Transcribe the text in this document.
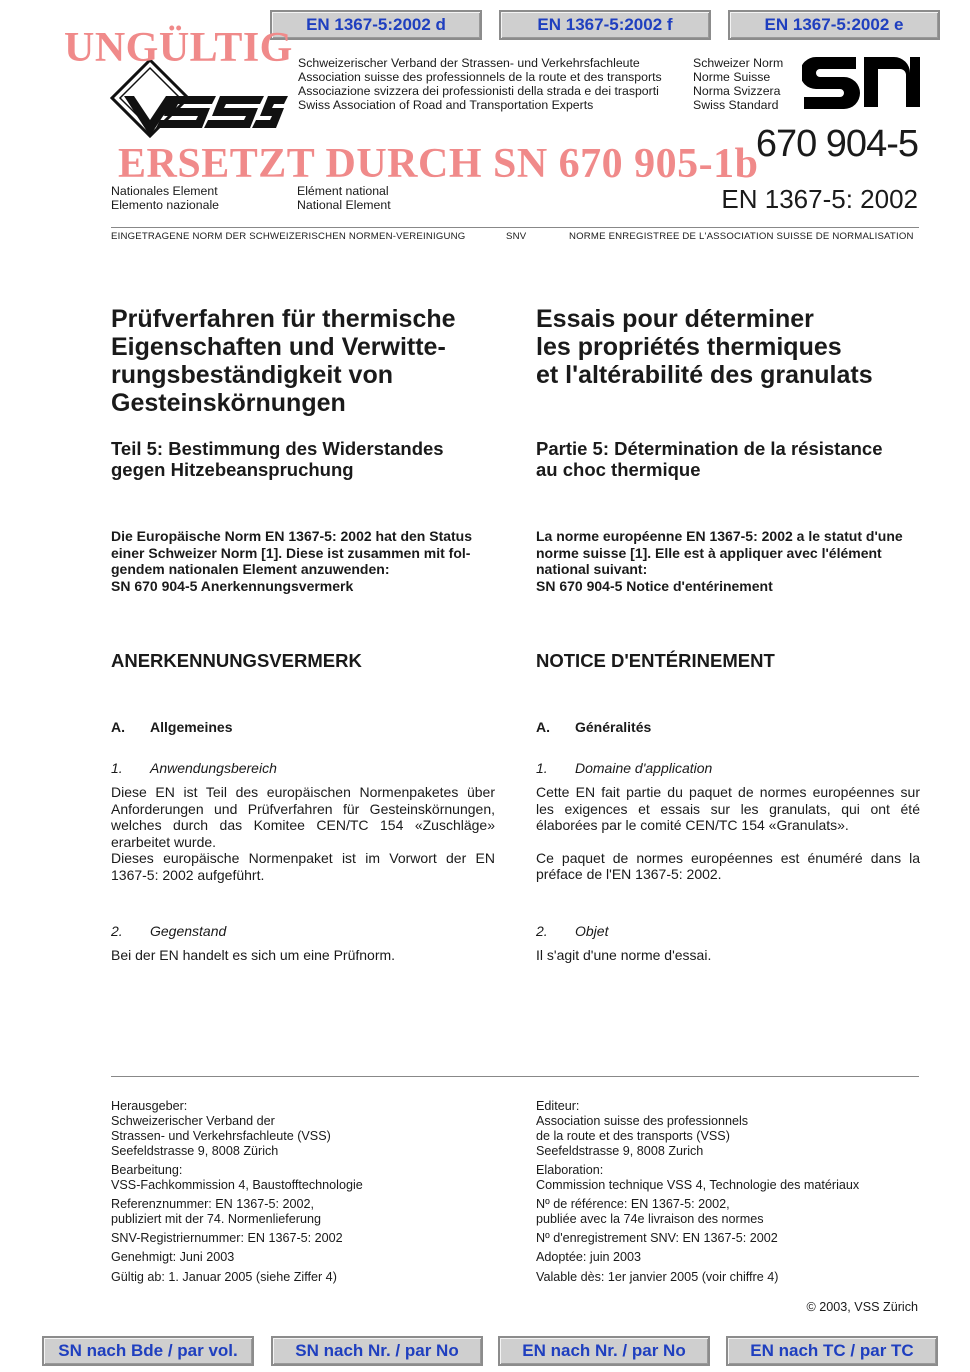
EN 1367-5:2002 d	EN 1367-5:2002 f	EN 1367-5:2002 e

Schweizerischer Verband der Strassen- und Verkehrsfachleute

Association suisse des professionnels de la route et des transports

Associazione svizzera dei professionisti della strada e dei trasporti

Swiss Association of Road and Transportation Experts

Schweizer Norm

Norme Suisse

Norma Svizzera

Swiss Standard

UNGÜLTIG
670 904-5
ERSETZT DURCH SN 670 905-1b
EN 1367-5: 2002

Nationales Element

Elemento nazionale

Elément national

National Element

EINGETRAGENE NORM DER SCHWEIZERISCHEN NORMEN-VEREINIGUNG	SNV	NORME ENREGISTREE DE L'ASSOCIATION SUISSE DE NORMALISATION

Prüfverfahren für thermische

Eigenschaften und Verwitte-

rungsbeständigkeit von

Gesteinskörnungen

Teil 5: Bestimmung des Widerstandes

gegen Hitzebeanspruchung

Die Europäische Norm EN 1367-5: 2002 hat den Status

einer Schweizer Norm [1]. Diese ist zusammen mit fol-

gendem nationalen Element anzuwenden:

SN 670 904-5 Anerkennungsvermerk

ANERKENNUNGSVERMERK
A. Allgemeines
1. Anwendungsbereich

Diese EN ist Teil des europäischen Normenpaketes über Anforderungen und Prüfverfahren für Gesteinskörnungen, welches durch das Komitee CEN/TC 154 «Zuschläge» erarbeitet wurde.

Dieses europäische Normenpaket ist im Vorwort der EN 1367-5: 2002 aufgeführt.

2. Gegenstand
Bei der EN handelt es sich um eine Prüfnorm.

Essais pour déterminer

les propriétés thermiques

et l'altérabilité des granulats

Partie 5: Détermination de la résistance

au choc thermique

La norme européenne EN 1367-5: 2002 a le statut d'une

norme suisse [1]. Elle est à appliquer avec l'élément

national suivant:

SN 670 904-5 Notice d'entérinement

NOTICE D'ENTÉRINEMENT
A. Généralités
1. Domaine d'application

Cette EN fait partie du paquet de normes européennes sur les exigences et essais sur les granulats, qui ont été élaborées par le comité CEN/TC 154 «Granulats».

Ce paquet de normes européennes est énuméré dans la préface de l'EN 1367-5: 2002.

2. Objet
Il s'agit d'une norme d'essai.

Herausgeber:

Schweizerischer Verband der

Strassen- und Verkehrsfachleute (VSS)

Seefeldstrasse 9, 8008 Zürich

Bearbeitung:

VSS-Fachkommission 4, Baustofftechnologie

Referenznummer: EN 1367-5: 2002,

publiziert mit der 74. Normenlieferung

SNV-Registriernummer: EN 1367-5: 2002

Genehmigt: Juni 2003

Gültig ab: 1. Januar 2005 (siehe Ziffer 4)

Editeur:

Association suisse des professionnels

de la route et des transports (VSS)

Seefeldstrasse 9, 8008 Zurich

Elaboration:

Commission technique VSS 4, Technologie des matériaux

Nº de référence: EN 1367-5: 2002,

publiée avec la 74e livraison des normes

Nº d'enregistrement SNV: EN 1367-5: 2002

Adoptée: juin 2003

Valable dès: 1er janvier 2005 (voir chiffre 4)

© 2003, VSS Zürich
SN nach Bde / par vol.	SN nach Nr. / par No	EN nach Nr. / par No	EN nach TC / par TC
